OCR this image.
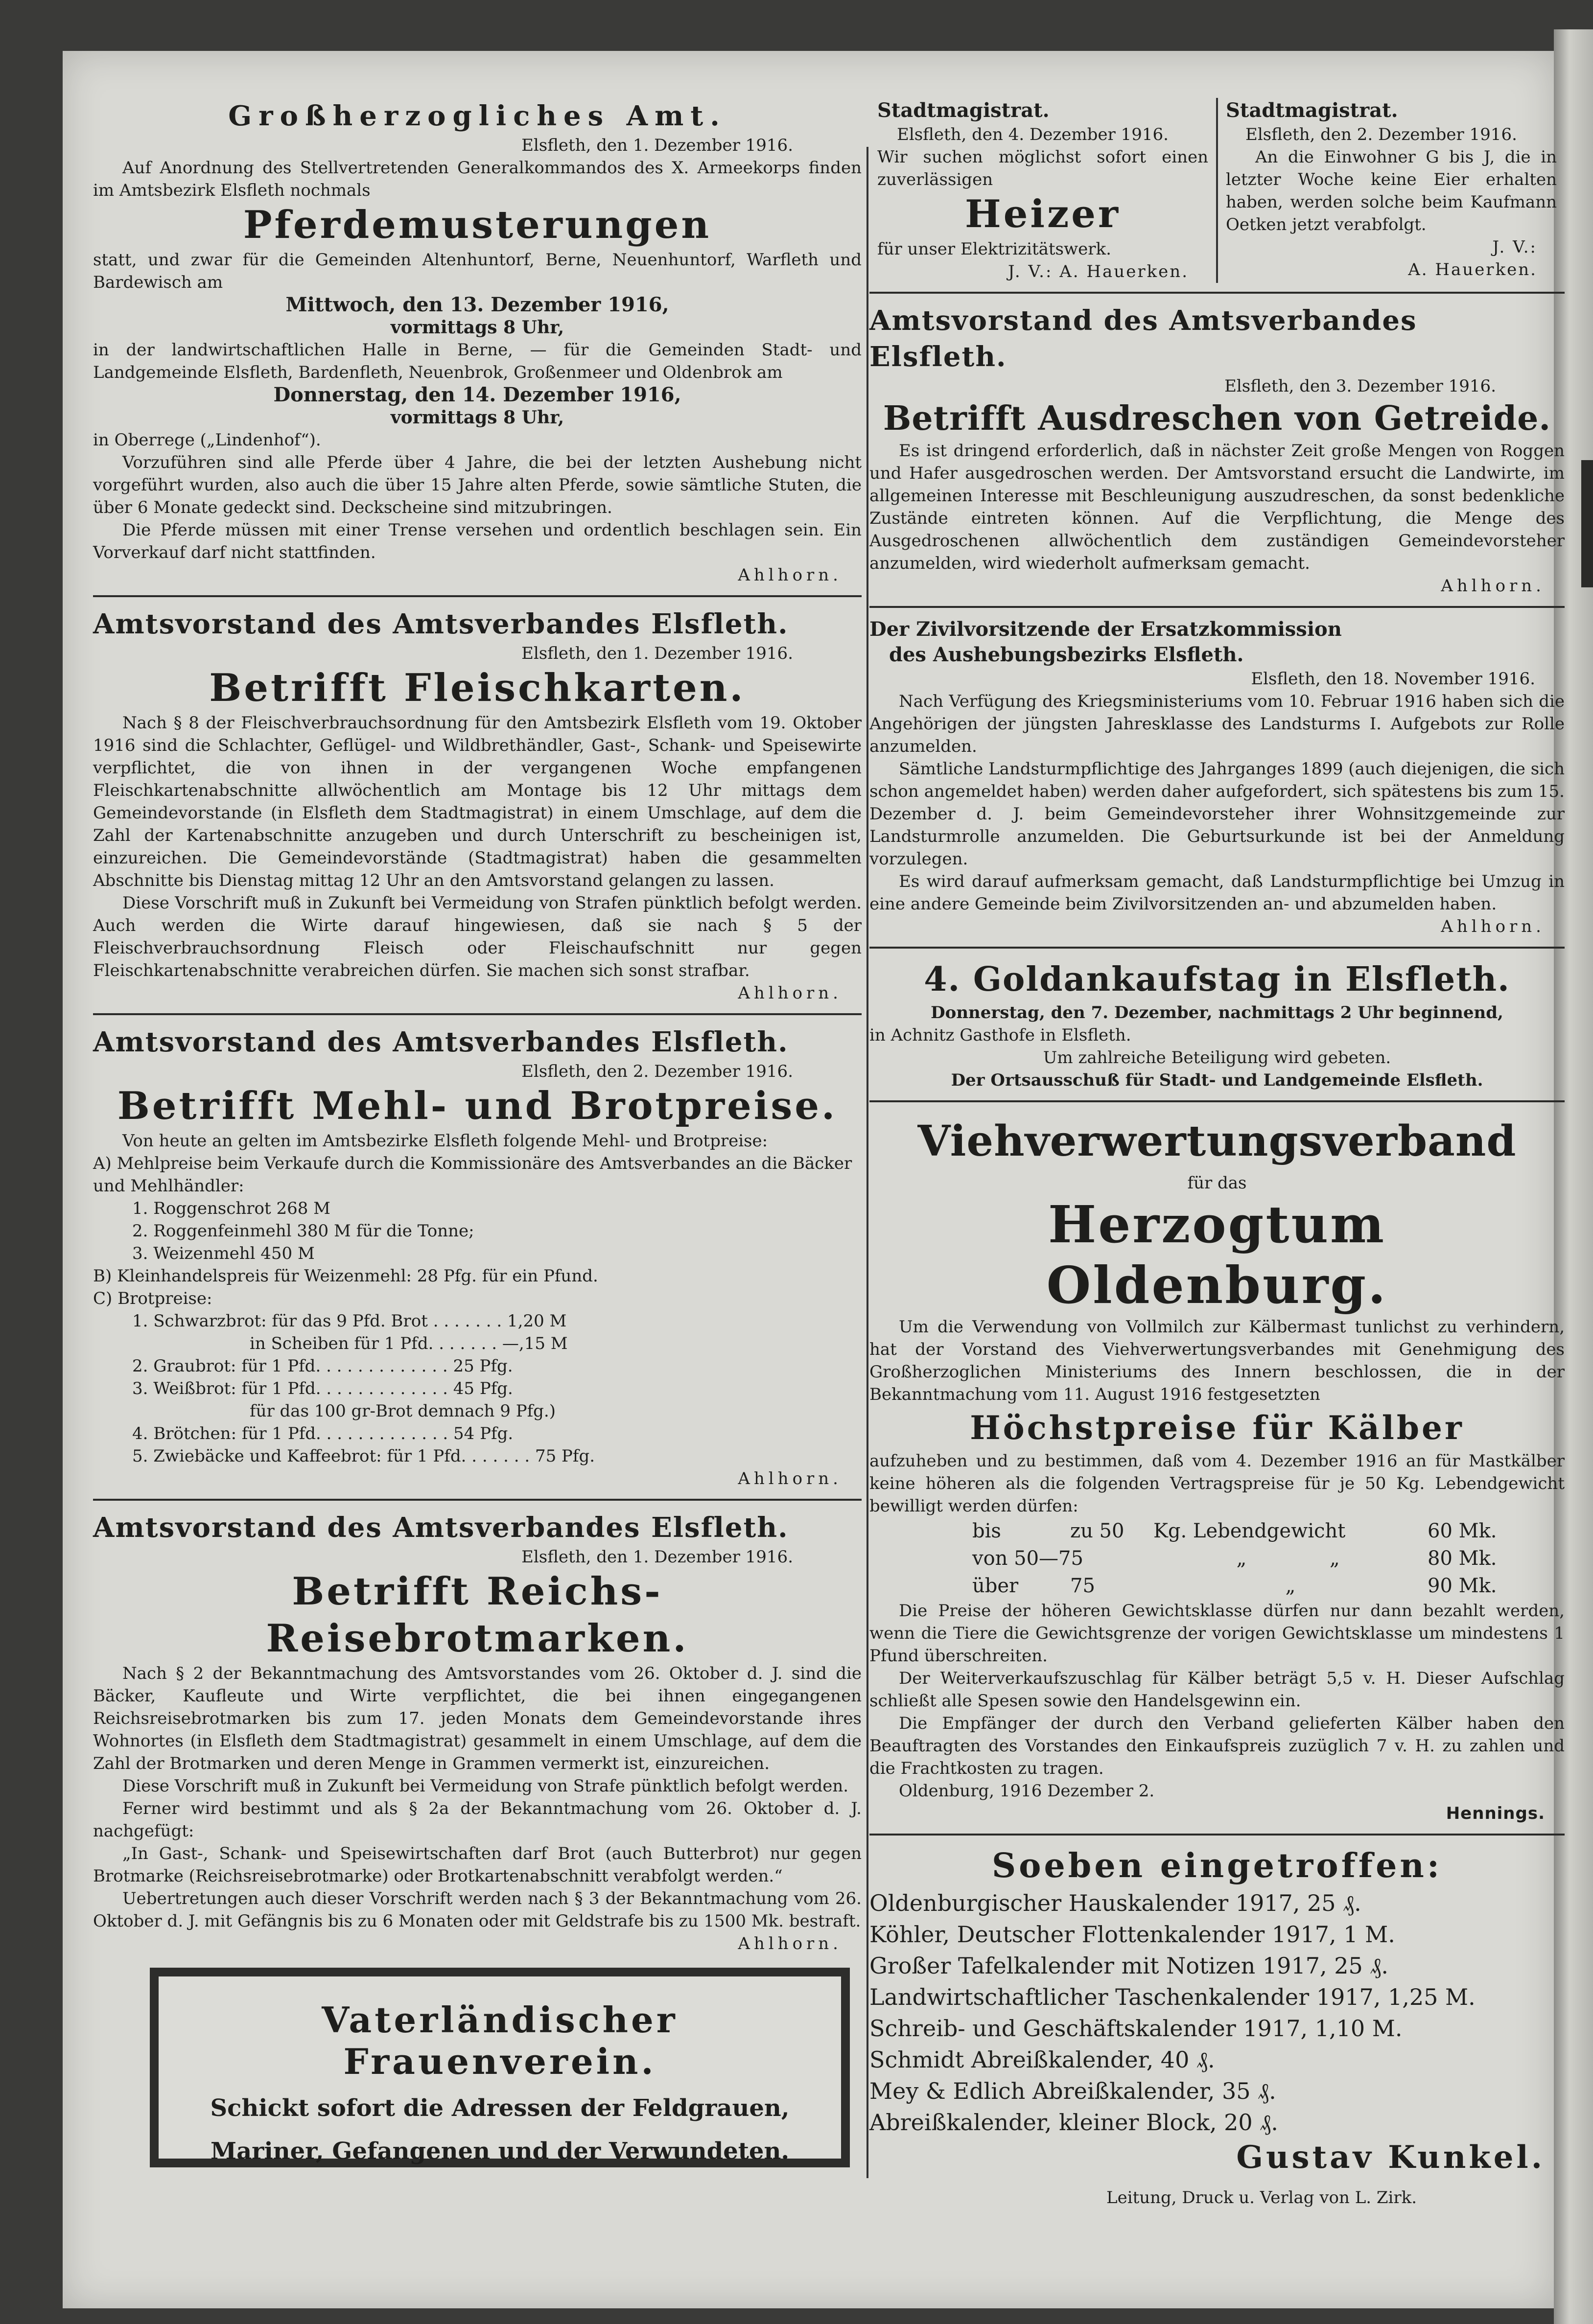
Großherzogliches Amt.
Elsfleth, den 1. Dezember 1916.

Auf Anordnung des Stellvertretenden Generalkommandos des X. Armeekorps finden im Amtsbezirk Elsfleth nochmals

Pferdemusterungen

statt, und zwar für die Gemeinden Altenhuntorf, Berne, Neuenhuntorf, Warfleth und Bardewisch am

Mittwoch, den 13. Dezember 1916,

vormittags 8 Uhr,

in der landwirtschaftlichen Halle in Berne, — für die Gemeinden Stadt- und Landgemeinde Elsfleth, Bardenfleth, Neuenbrok, Großenmeer und Oldenbrok am

Donnerstag, den 14. Dezember 1916,

vormittags 8 Uhr,

in Oberrege („Lindenhof“).

Vorzuführen sind alle Pferde über 4 Jahre, die bei der letzten Aushebung nicht vorgeführt wurden, also auch die über 15 Jahre alten Pferde, sowie sämtliche Stuten, die über 6 Monate gedeckt sind. Deckscheine sind mitzubringen.

Die Pferde müssen mit einer Trense versehen und ordentlich beschlagen sein. Ein Vorverkauf darf nicht stattfinden.

Ahlhorn.
Amtsvorstand des Amtsverbandes Elsfleth.
Elsfleth, den 1. Dezember 1916.
Betrifft Fleischkarten.

Nach § 8 der Fleischverbrauchsordnung für den Amtsbezirk Elsfleth vom 19. Oktober 1916 sind die Schlachter, Geflügel- und Wildbrethändler, Gast-, Schank- und Speisewirte verpflichtet, die von ihnen in der vergangenen Woche empfangenen Fleischkartenabschnitte allwöchentlich am Montage bis 12 Uhr mittags dem Gemeindevorstande (in Elsfleth dem Stadtmagistrat) in einem Umschlage, auf dem die Zahl der Kartenabschnitte anzugeben und durch Unterschrift zu bescheinigen ist, einzureichen. Die Gemeindevorstände (Stadtmagistrat) haben die gesammelten Abschnitte bis Dienstag mittag 12 Uhr an den Amtsvorstand gelangen zu lassen.

Diese Vorschrift muß in Zukunft bei Vermeidung von Strafen pünktlich befolgt werden. Auch werden die Wirte darauf hingewiesen, daß sie nach § 5 der Fleischverbrauchsordnung Fleisch oder Fleischaufschnitt nur gegen Fleischkartenabschnitte verabreichen dürfen. Sie machen sich sonst strafbar.

Ahlhorn.
Amtsvorstand des Amtsverbandes Elsfleth.
Elsfleth, den 2. Dezember 1916.
Betrifft Mehl- und Brotpreise.

Von heute an gelten im Amtsbezirke Elsfleth folgende Mehl- und Brotpreise:

A) Mehlpreise beim Verkaufe durch die Kommissionäre des Amtsverbandes an die Bäcker und Mehlhändler:

1. Roggenschrot 268 M

2. Roggenfeinmehl 380 M für die Tonne;

3. Weizenmehl 450 M

B) Kleinhandelspreis für Weizenmehl: 28 Pfg. für ein Pfund.

C) Brotpreise:

1. Schwarzbrot: für das 9 Pfd. Brot . . . . . . . 1,20 M

in Scheiben für 1 Pfd. . . . . . . —,15 M

2. Graubrot: für 1 Pfd. . . . . . . . . . . . . 25 Pfg.

3. Weißbrot: für 1 Pfd. . . . . . . . . . . . . 45 Pfg.

für das 100 gr-Brot demnach 9 Pfg.)

4. Brötchen: für 1 Pfd. . . . . . . . . . . . . 54 Pfg.

5. Zwiebäcke und Kaffeebrot: für 1 Pfd. . . . . . . 75 Pfg.

Ahlhorn.
Amtsvorstand des Amtsverbandes Elsfleth.
Elsfleth, den 1. Dezember 1916.
Betrifft Reichs-Reisebrotmarken.

Nach § 2 der Bekanntmachung des Amtsvorstandes vom 26. Oktober d. J. sind die Bäcker, Kaufleute und Wirte verpflichtet, die bei ihnen eingegangenen Reichsreisebrotmarken bis zum 17. jeden Monats dem Gemeindevorstande ihres Wohnortes (in Elsfleth dem Stadtmagistrat) gesammelt in einem Umschlage, auf dem die Zahl der Brotmarken und deren Menge in Grammen vermerkt ist, einzureichen.

Diese Vorschrift muß in Zukunft bei Vermeidung von Strafe pünktlich befolgt werden.

Ferner wird bestimmt und als § 2a der Bekanntmachung vom 26. Oktober d. J. nachgefügt:

„In Gast-, Schank- und Speisewirtschaften darf Brot (auch Butterbrot) nur gegen Brotmarke (Reichsreisebrotmarke) oder Brotkartenabschnitt verabfolgt werden.“

Uebertretungen auch dieser Vorschrift werden nach § 3 der Bekanntmachung vom 26. Oktober d. J. mit Gefängnis bis zu 6 Monaten oder mit Geldstrafe bis zu 1500 Mk. bestraft.

Ahlhorn.
Vaterländischer Frauenverein.
Schickt sofort die Adressen der Feldgrauen,
Mariner, Gefangenen und der Verwundeten.
Stadtmagistrat.

Elsfleth, den 4. Dezember 1916.

Wir suchen möglichst sofort einen zuverlässigen

Heizer

für unser Elektrizitätswerk.

J. V.: A. Hauerken.
Stadtmagistrat.

Elsfleth, den 2. Dezember 1916.

An die Einwohner G bis J, die in letzter Woche keine Eier erhalten haben, werden solche beim Kaufmann Oetken jetzt verabfolgt.

J. V.:
A. Hauerken.
Amtsvorstand des Amtsverbandes Elsfleth.
Elsfleth, den 3. Dezember 1916.
Betrifft Ausdreschen von Getreide.

Es ist dringend erforderlich, daß in nächster Zeit große Mengen von Roggen und Hafer ausgedroschen werden. Der Amtsvorstand ersucht die Landwirte, im allgemeinen Interesse mit Beschleunigung auszudreschen, da sonst bedenkliche Zustände eintreten können. Auf die Verpflichtung, die Menge des Ausgedroschenen allwöchentlich dem zuständigen Gemeindevorsteher anzumelden, wird wiederholt aufmerksam gemacht.

Ahlhorn.
Der Zivilvorsitzende der Ersatzkommission
des Aushebungsbezirks Elsfleth.
Elsfleth, den 18. November 1916.

Nach Verfügung des Kriegsministeriums vom 10. Februar 1916 haben sich die Angehörigen der jüngsten Jahresklasse des Landsturms I. Aufgebots zur Rolle anzumelden.

Sämtliche Landsturmpflichtige des Jahrganges 1899 (auch diejenigen, die sich schon angemeldet haben) werden daher aufgefordert, sich spätestens bis zum 15. Dezember d. J. beim Gemeindevorsteher ihrer Wohnsitzgemeinde zur Landsturmrolle anzumelden. Die Geburtsurkunde ist bei der Anmeldung vorzulegen.

Es wird darauf aufmerksam gemacht, daß Landsturmpflichtige bei Umzug in eine andere Gemeinde beim Zivilvorsitzenden an- und abzumelden haben.

Ahlhorn.
4. Goldankaufstag in Elsfleth.

Donnerstag, den 7. Dezember, nachmittags 2 Uhr beginnend,

in Achnitz Gasthofe in Elsfleth.

Um zahlreiche Beteiligung wird gebeten.

Der Ortsausschuß für Stadt- und Landgemeinde Elsfleth.

Viehverwertungsverband

für das

Herzogtum Oldenburg.

Um die Verwendung von Vollmilch zur Kälbermast tunlichst zu verhindern, hat der Vorstand des Viehverwertungsverbandes mit Genehmigung des Großherzoglichen Ministeriums des Innern beschlossen, die in der Bekanntmachung vom 11. August 1916 festgesetzten

Höchstpreise für Kälber

aufzuheben und zu bestimmen, daß vom 4. Dezember 1916 an für Mastkälber keine höheren als die folgenden Vertragspreise für je 50 Kg. Lebendgewicht bewilligt werden dürfen:

bis	zu 50	Kg. Lebendgewicht	60 Mk.
von 50—75	„	„	80 Mk.
über	75	„	90 Mk.

Die Preise der höheren Gewichtsklasse dürfen nur dann bezahlt werden, wenn die Tiere die Gewichtsgrenze der vorigen Gewichtsklasse um mindestens 1 Pfund überschreiten.

Der Weiterverkaufszuschlag für Kälber beträgt 5,5 v. H. Dieser Aufschlag schließt alle Spesen sowie den Handelsgewinn ein.

Die Empfänger der durch den Verband gelieferten Kälber haben den Beauftragten des Vorstandes den Einkaufspreis zuzüglich 7 v. H. zu zahlen und die Frachtkosten zu tragen.

Oldenburg, 1916 Dezember 2.

Hennings.
Soeben eingetroffen:

Oldenburgischer Hauskalender 1917, 25 ₰.

Köhler, Deutscher Flottenkalender 1917, 1 M.

Großer Tafelkalender mit Notizen 1917, 25 ₰.

Landwirtschaftlicher Taschenkalender 1917, 1,25 M.

Schreib- und Geschäftskalender 1917, 1,10 M.

Schmidt Abreißkalender, 40 ₰.

Mey & Edlich Abreißkalender, 35 ₰.

Abreißkalender, kleiner Block, 20 ₰.

Gustav Kunkel.
Leitung, Druck u. Verlag von L. Zirk.
